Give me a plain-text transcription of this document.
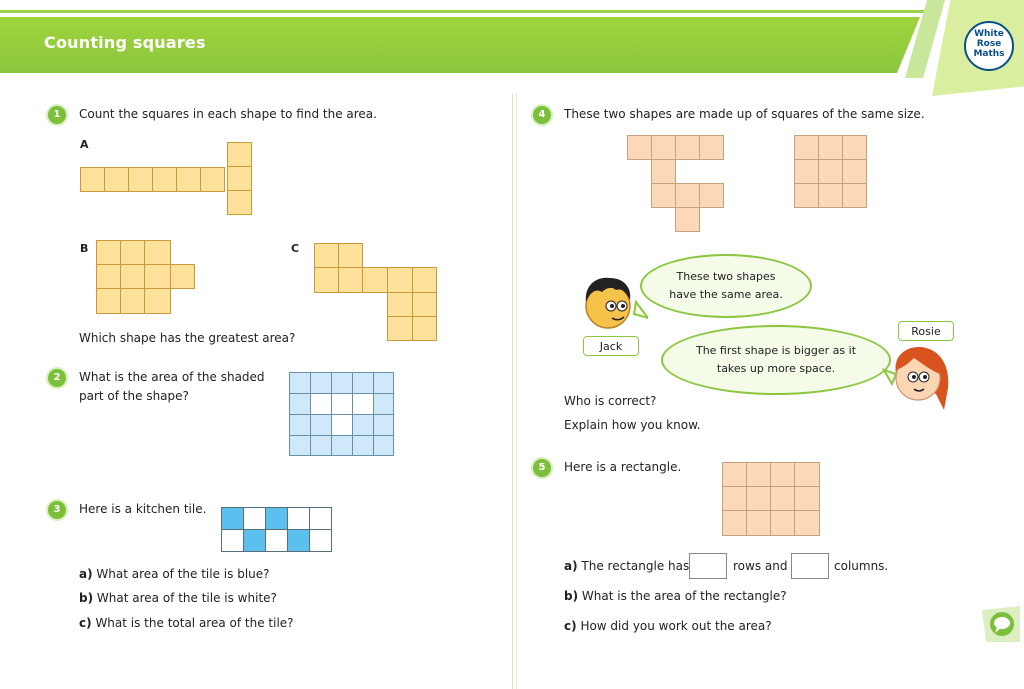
Counting squares	White
Rose
Maths
1	Count the squares in each shape to find the area.
A
B	C
Which shape has the greatest area?
2	What is the area of the shaded
part of the shape?
3	Here is a kitchen tile.
a) What area of the tile is blue?
b) What area of the tile is white?
c) What is the total area of the tile?
4	These two shapes are made up of squares of the same size.
These two shapes
have the same area.
Jack
Rosie
The first shape is bigger as it
takes up more space.
Who is correct?
Explain how you know.
5	Here is a rectangle.
a) The rectangle has	rows and	columns.
b) What is the area of the rectangle?
c) How did you work out the area?
